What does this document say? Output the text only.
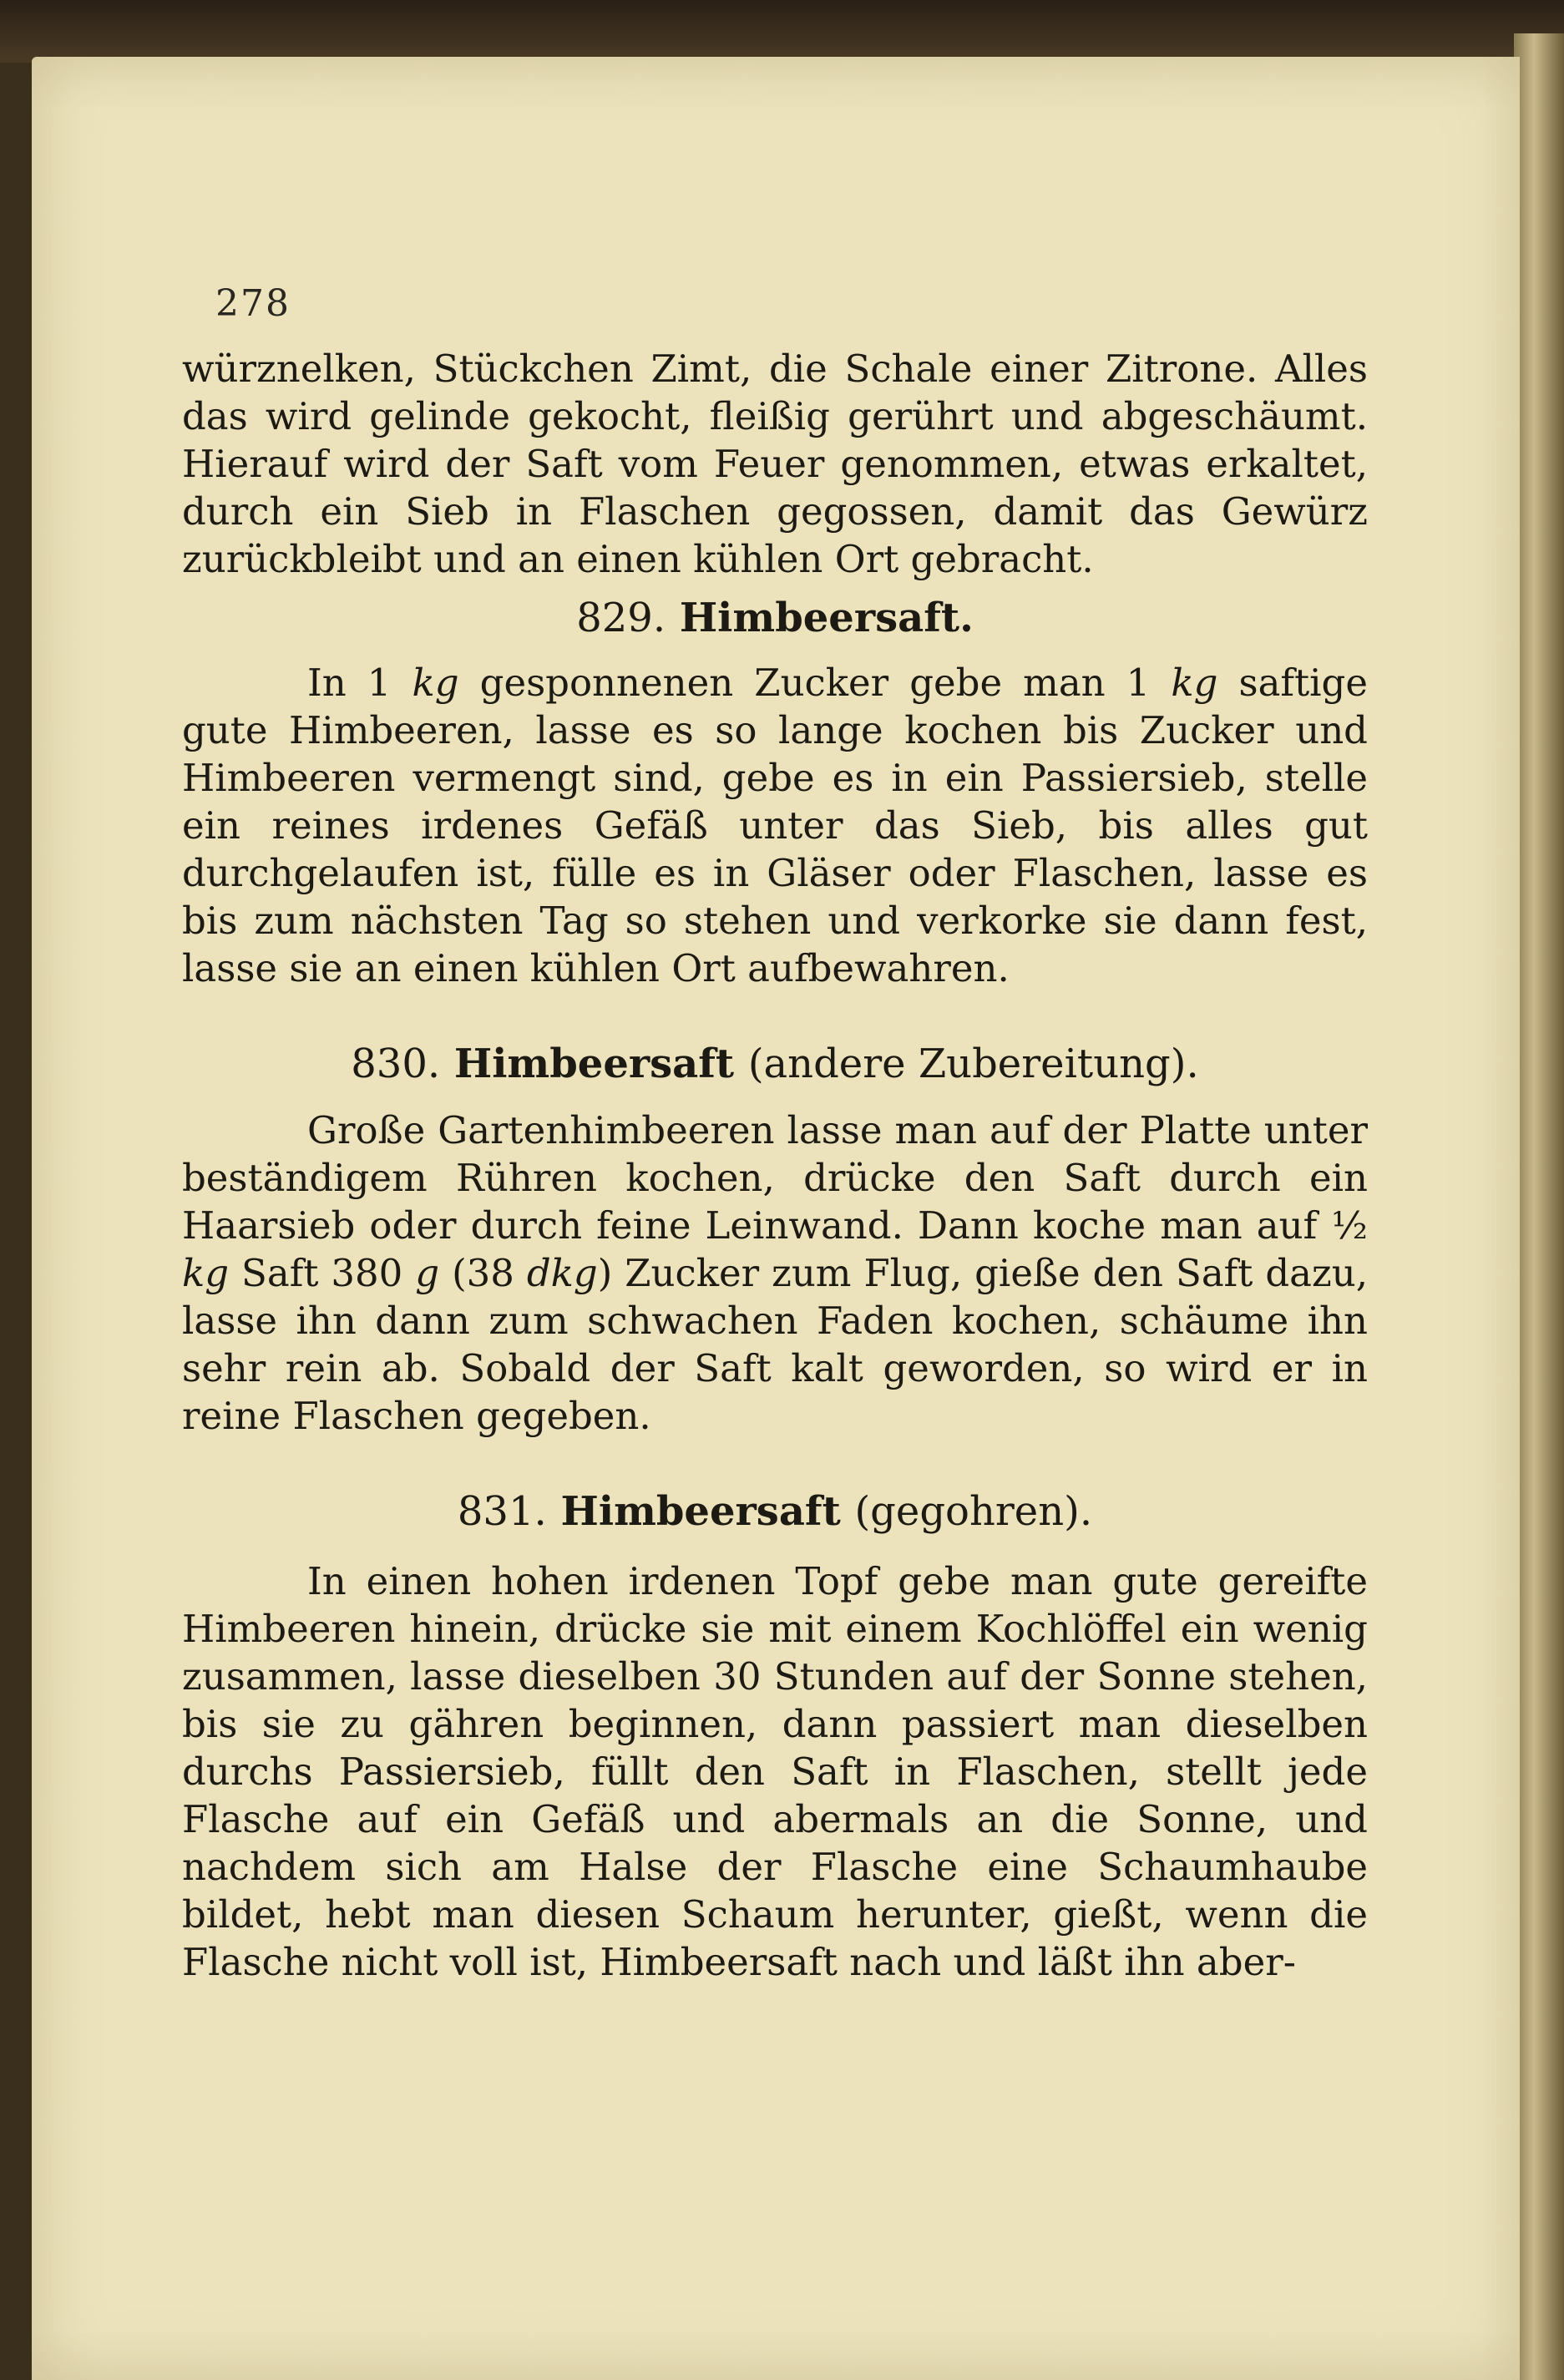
278

würznelken, Stückchen Zimt, die Schale einer Zitrone. Alles das wird gelinde gekocht, fleißig gerührt und abgeschäumt. Hierauf wird der Saft vom Feuer genommen, etwas erkaltet, durch ein Sieb in Flaschen gegossen, damit das Gewürz zurückbleibt und an einen kühlen Ort gebracht.

829. Himbeersaft.

In 1 kg gesponnenen Zucker gebe man 1 kg saftige gute Himbeeren, lasse es so lange kochen bis Zucker und Himbeeren vermengt sind, gebe es in ein Passiersieb, stelle ein reines irdenes Gefäß unter das Sieb, bis alles gut durchgelaufen ist, fülle es in Gläser oder Flaschen, lasse es bis zum nächsten Tag so stehen und verkorke sie dann fest, lasse sie an einen kühlen Ort aufbewahren.

830. Himbeersaft (andere Zubereitung).

Große Gartenhimbeeren lasse man auf der Platte unter beständigem Rühren kochen, drücke den Saft durch ein Haarsieb oder durch feine Leinwand. Dann koche man auf ½ kg Saft 380 g (38 dkg) Zucker zum Flug, gieße den Saft dazu, lasse ihn dann zum schwachen Faden kochen, schäume ihn sehr rein ab. Sobald der Saft kalt geworden, so wird er in reine Flaschen gegeben.

831. Himbeersaft (gegohren).

In einen hohen irdenen Topf gebe man gute gereifte Himbeeren hinein, drücke sie mit einem Kochlöffel ein wenig zusammen, lasse dieselben 30 Stunden auf der Sonne stehen, bis sie zu gähren beginnen, dann passiert man dieselben durchs Passiersieb, füllt den Saft in Flaschen, stellt jede Flasche auf ein Gefäß und abermals an die Sonne, und nachdem sich am Halse der Flasche eine Schaumhaube bildet, hebt man diesen Schaum herunter, gießt, wenn die Flasche nicht voll ist, Himbeersaft nach und läßt ihn aber-
